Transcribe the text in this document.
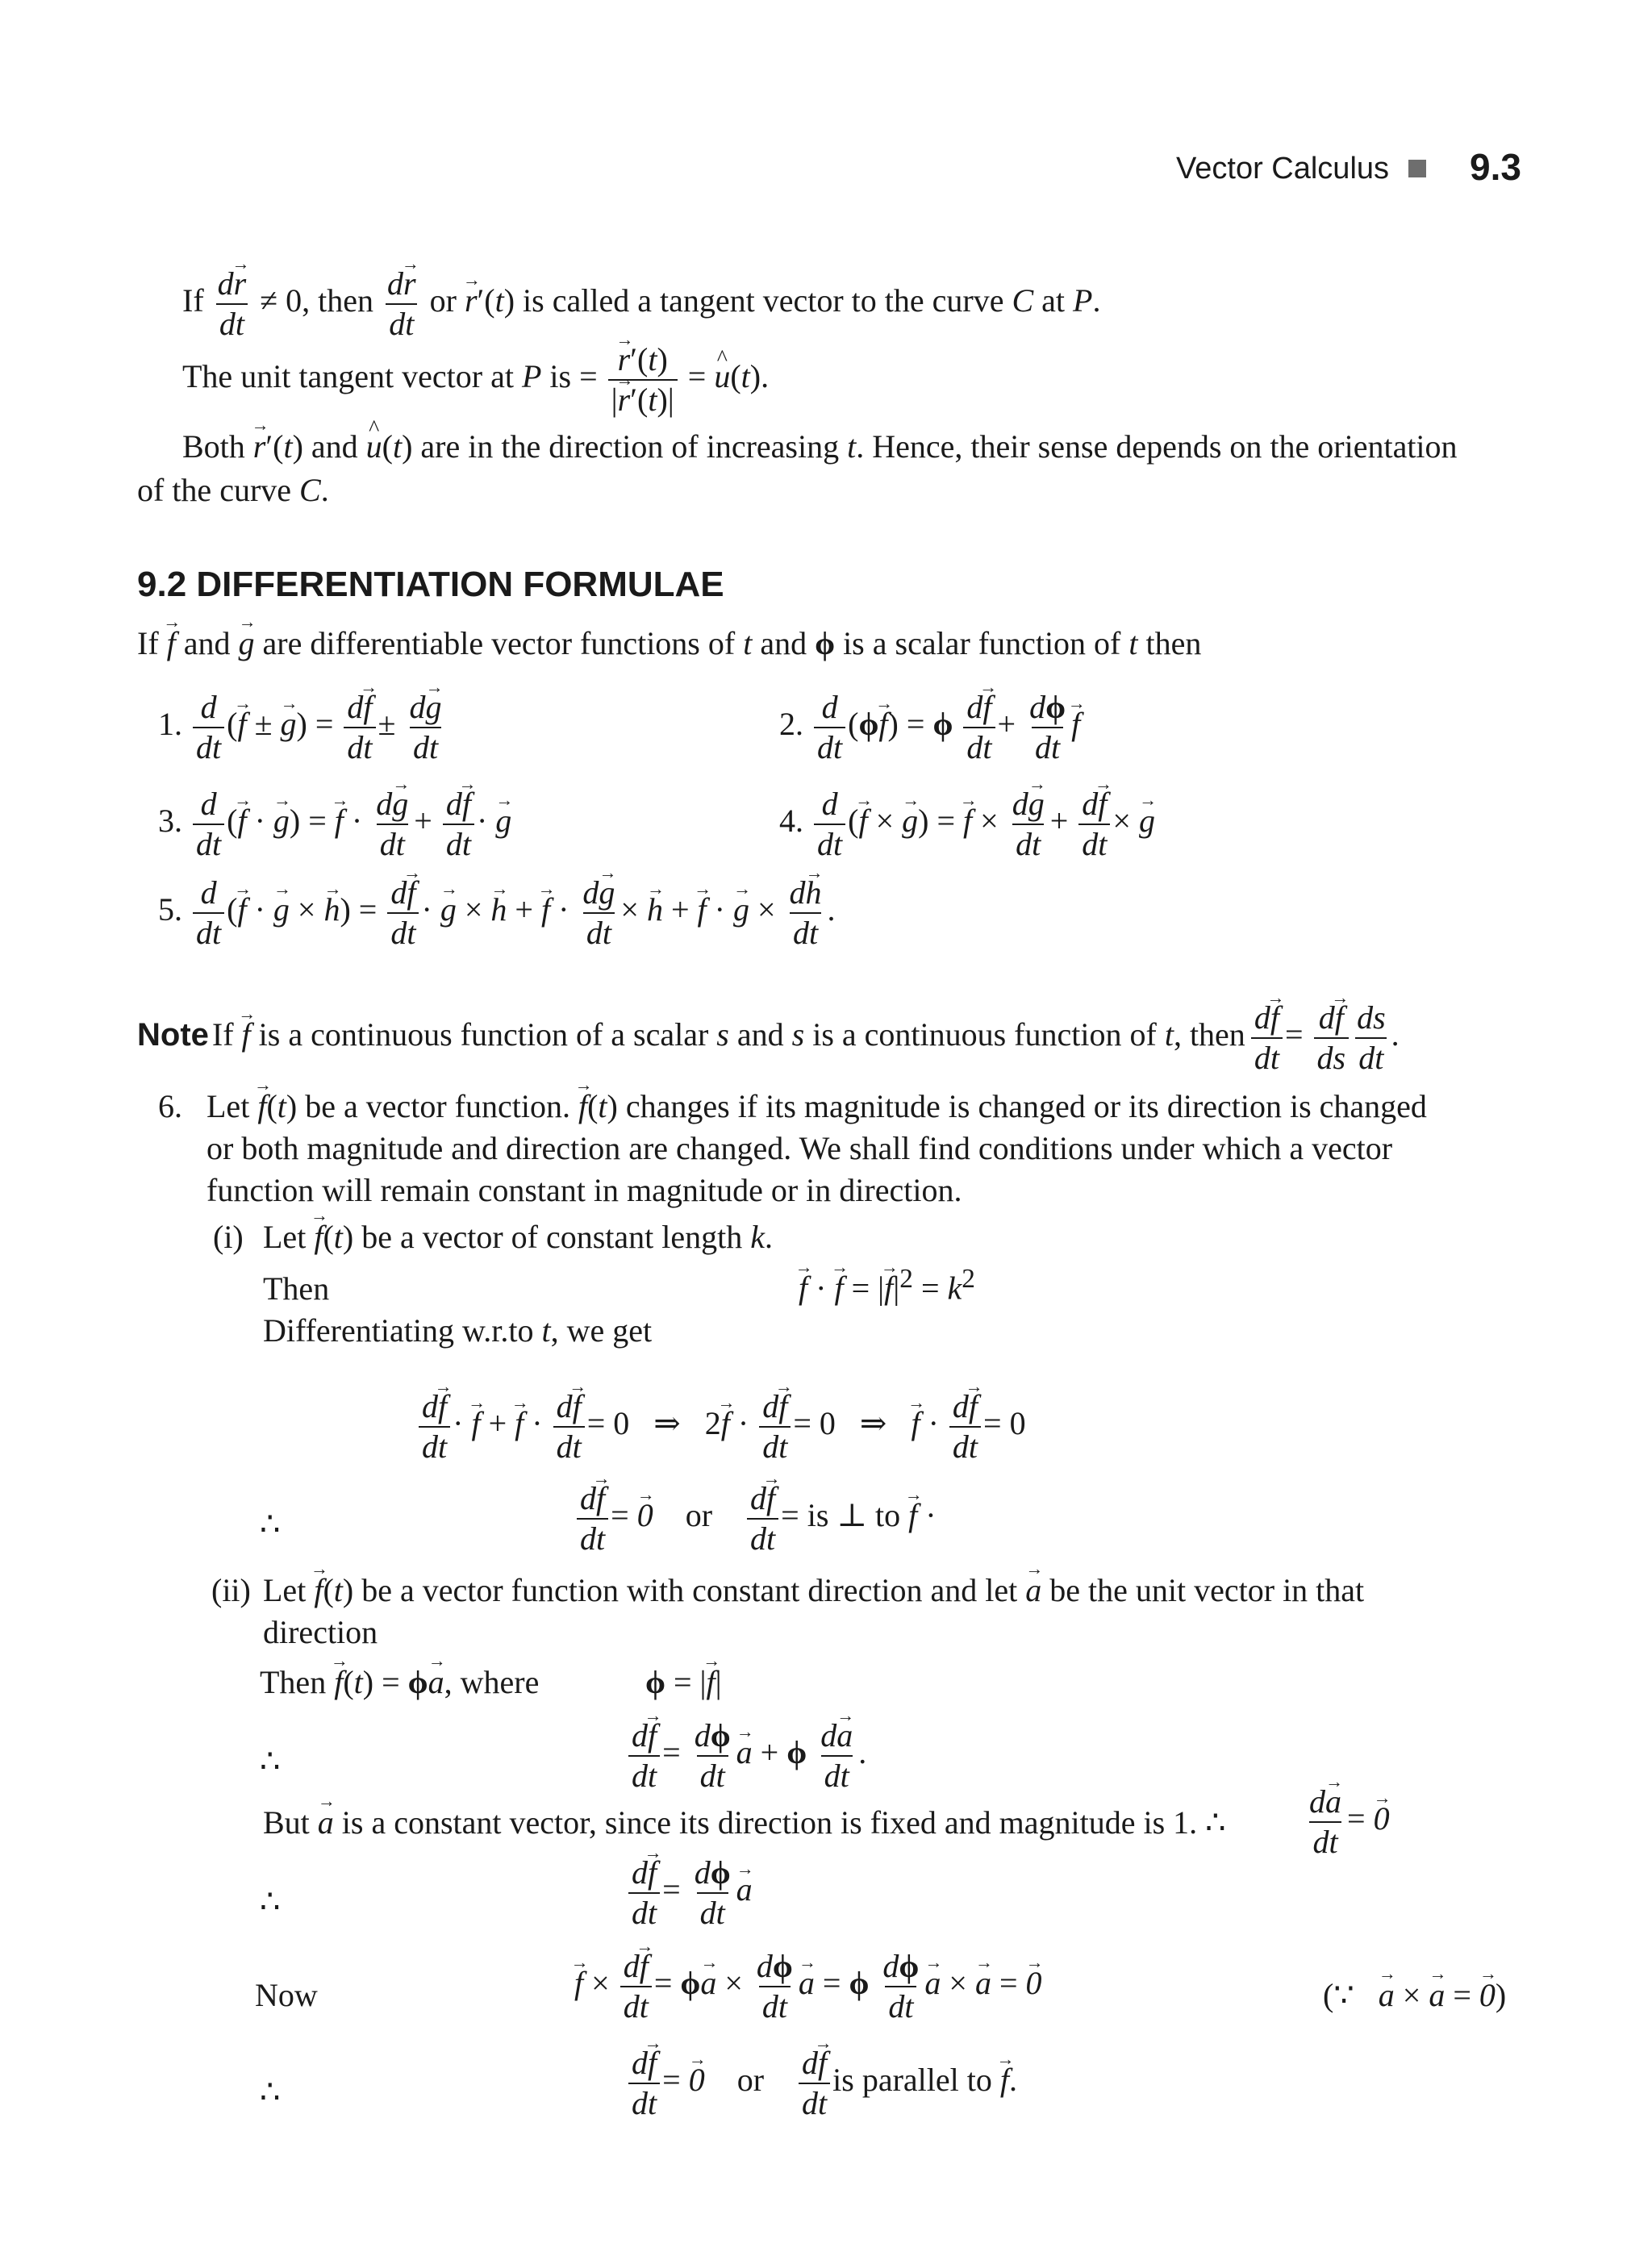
Vector Calculus 9.3
If $\frac{d\to r}{dt} \ne 0$, then $\frac{d\to r}{dt}$ or → r′(t) is called a tangent vector to the curve C at P.
The unit tangent vector at P is =
→ $\frac{r'(t)}{|\to r'(t)|}$ = ^ u(t).
Both → r′(t) and ^ u(t) are in the direction of increasing t. Hence, their sense depends on the orientation
of the curve C.
9.2 DIFFERENTIATION FORMULAE
If → f and → g are differentiable vector functions of t and ϕ is a scalar function of t then
1. $\frac{d}{dt}$ (→ f ± → $g) = \frac{d\to f}{dt} \pm \frac{d\to g}{dt}$	2. $\frac{d}{dt} (\phi\to f) = \phi \frac{d\to f}{dt} + \frac{d\phi}{dt}$
→ f
3. $\frac{d}{dt}$ (→ f · → g) = → $f \cdot \frac{d\to g}{dt} + \frac{d\to f}{dt}$ · → g	4. $\frac{d}{dt}$ (→ f × → g) = → $f \times \frac{d\to g}{dt} + \frac{d\to f}{dt}$ × → g
5. $\frac{d}{dt}$ (→ f · → g × → $h) = \frac{d\to f}{dt}$ · → g × → h + → $f \cdot \frac{d\to g}{dt}$ × → h + → f · → $g \times \frac{d\to h}{dt}$ .
Note If → f is a continuous function of a scalar s and s is a continuous function of t, then $\frac{d\to f}{dt} = \frac{d\to f}{ds} \frac{ds}{dt}$ .
6. Let → f(t) be a vector function. → f(t) changes if its magnitude is changed or its direction is changed
or both magnitude and direction are changed. We shall find conditions under which a vector
function will remain constant in magnitude or in direction.
(i) Let → f(t) be a vector of constant length k.
Then
→	f · → f = |→ $f|^2 = k^2$
Differentiating w.r.to t, we get
$\frac{d\to f}{dt}$ · → f + → $f \cdot \frac{d\to f}{dt} = 0$   ⇒   $2\to f \cdot \frac{d\to f}{dt} = 0$   ⇒   → $f \cdot \frac{d\to f}{dt} = 0$
∴	$\frac{d\to f}{dt}$ = → 0    or $\frac{d\to f}{dt}$ = is ⊥ to → f ·
(ii) Let → f(t) be a vector function with constant direction and let → a be the unit vector in that
direction
Then → f(t) = ϕ→ a, where	ϕ = |→ f|
∴	$\frac{d\to f}{dt} = \frac{d\phi}{dt}$
→ a + ϕ $\frac{d\to a}{dt}$ .
But → a is a constant vector, since its direction is fixed and magnitude is 1. ∴ $\frac{d\to a}{dt}$ = → 0
∴	$\frac{d\to f}{dt} = \frac{d\phi}{dt}$
→ a
Now
→	$f \times \frac{d\to f}{dt} = \phi\to a \times \frac{d\phi}{dt}$
→ a = ϕ $\frac{d\phi}{dt}$
→ a × → a = → 0	(∵   → a × → a = → 0)
∴	$\frac{d\to f}{dt}$ = → 0    or $\frac{d\to f}{dt}$ is parallel to → f.
